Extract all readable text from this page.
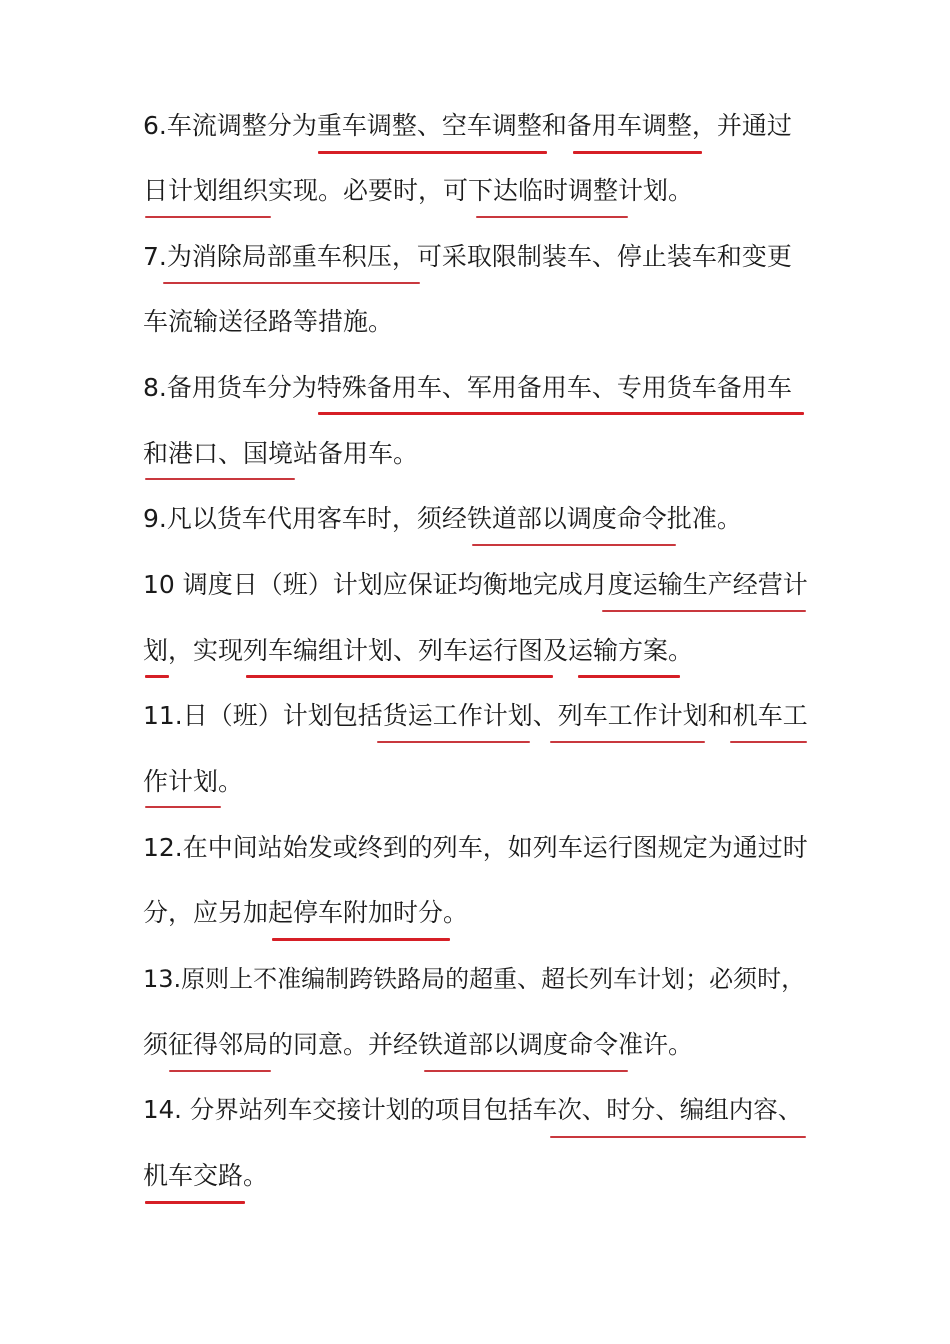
6.车流调整分为重车调整、空车调整和备用车调整，并通过
日计划组织实现。必要时，可下达临时调整计划。
7.为消除局部重车积压，可采取限制装车、停止装车和变更
车流输送径路等措施。
8.备用货车分为特殊备用车、军用备用车、专用货车备用车
和港口、国境站备用车。
9.凡以货车代用客车时，须经铁道部以调度命令批准。
10 调度日（班）计划应保证均衡地完成月度运输生产经营计
划，实现列车编组计划、列车运行图及运输方案。
11.日（班）计划包括货运工作计划、列车工作计划和机车工
作计划。
12.在中间站始发或终到的列车，如列车运行图规定为通过时
分，应另加起停车附加时分。
13.原则上不准编制跨铁路局的超重、超长列车计划；必须时，
须征得邻局的同意。并经铁道部以调度命令准许。
14. 分界站列车交接计划的项目包括车次、时分、编组内容、
机车交路。
